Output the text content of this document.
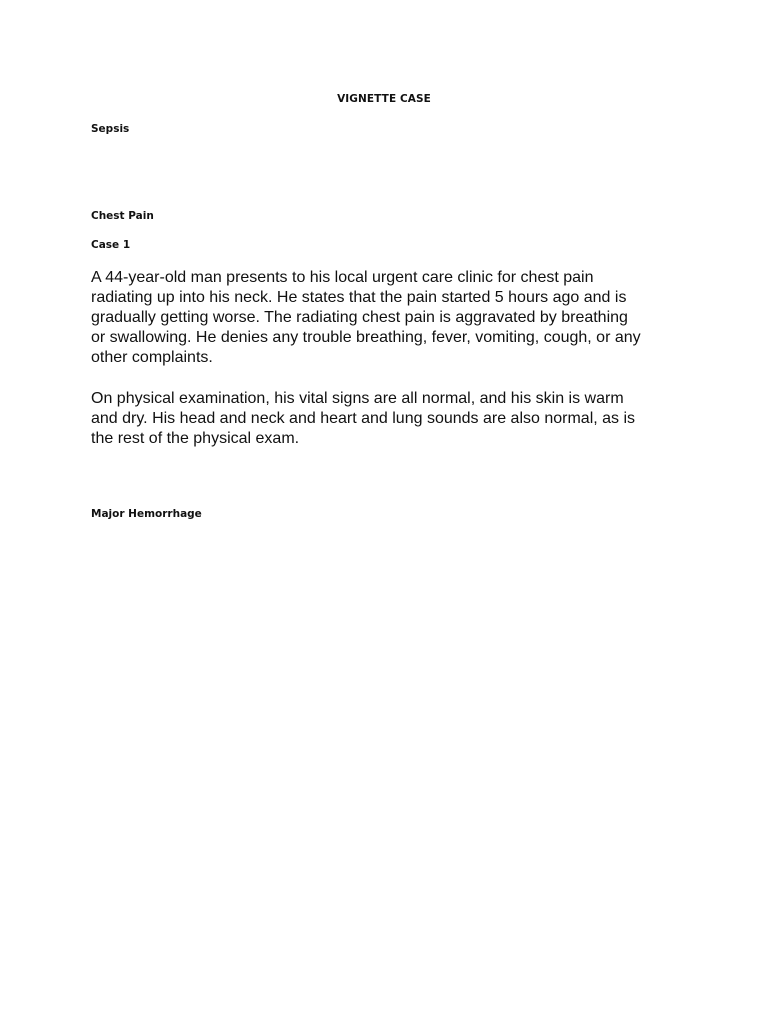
VIGNETTE CASE
Sepsis
Chest Pain
Case 1

A 44-year-old man presents to his local urgent care clinic for chest pain
radiating up into his neck. He states that the pain started 5 hours ago and is
gradually getting worse. The radiating chest pain is aggravated by breathing
or swallowing. He denies any trouble breathing, fever, vomiting, cough, or any
other complaints.

On physical examination, his vital signs are all normal, and his skin is warm
and dry. His head and neck and heart and lung sounds are also normal, as is
the rest of the physical exam.

Major Hemorrhage
